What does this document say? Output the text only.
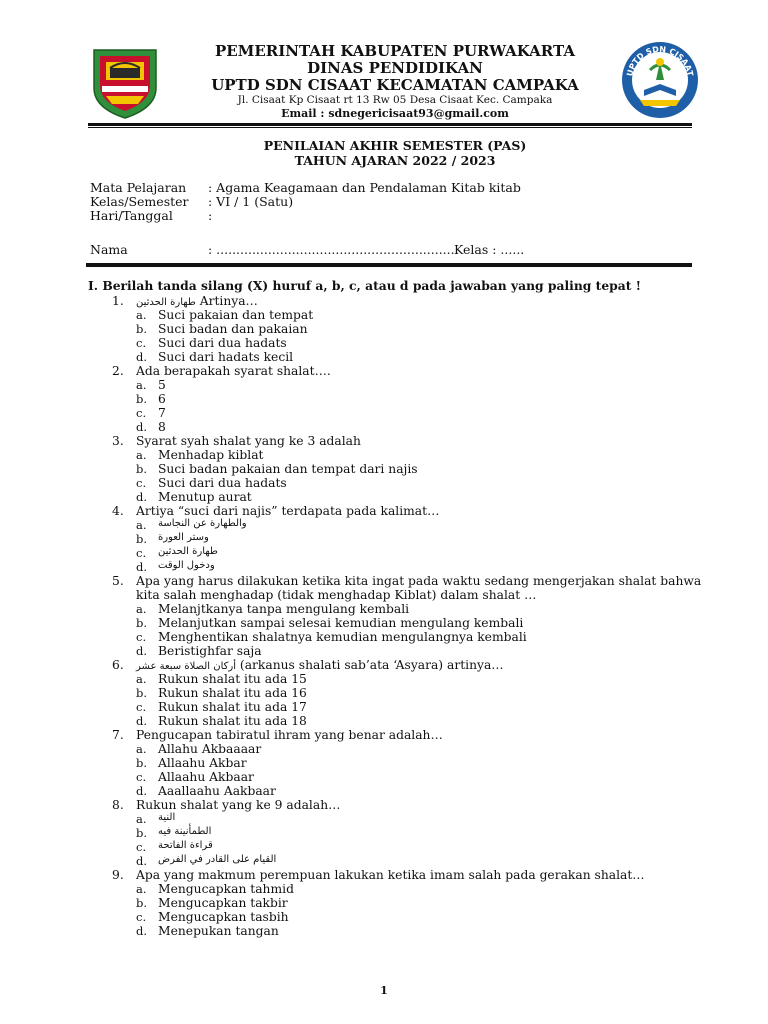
UPTD SDN CISAAT
PEMERINTAH KABUPATEN PURWAKARTA
DINAS PENDIDIKAN
UPTD SDN CISAAT KECAMATAN CAMPAKA
Jl. Cisaat Kp Cisaat rt 13 Rw 05 Desa Cisaat Kec. Campaka
Email : sdnegericisaat93@gmail.com
PENILAIAN AKHIR SEMESTER (PAS)
TAHUN AJARAN 2022 / 2023
Mata Pelajaran : Agama Keagamaan dan Pendalaman Kitab kitab
Kelas/Semester : VI / 1 (Satu)
Hari/Tanggal	:
Nama	: .............................................................
Kelas : ......
I. Berilah tanda silang (X) huruf a, b, c, atau d pada jawaban yang paling tepat !
1. طهارة الحدثين Artinya…
a. Suci pakaian dan tempat
b. Suci badan dan pakaian
c. Suci dari dua hadats
d. Suci dari hadats kecil
2. Ada berapakah syarat shalat….
a. 5
b. 6
c. 7
d. 8
3. Syarat syah shalat yang ke 3 adalah
a. Menhadap kiblat
b. Suci badan pakaian dan tempat dari najis
c. Suci dari dua hadats
d. Menutup aurat
4. Artiya “suci dari najis” terdapata pada kalimat…
a. والطهارة عن النجاسة
b. وستر العورة
c. طهارة الحدثين
d. ودخول الوقت
5. Apa yang harus dilakukan ketika kita ingat pada waktu sedang mengerjakan shalat bahwa
kita salah menghadap (tidak menghadap Kiblat) dalam shalat …
a. Melanjtkanya tanpa mengulang kembali
b. Melanjutkan sampai selesai kemudian mengulang kembali
c. Menghentikan shalatnya kemudian mengulangnya kembali
d. Beristighfar saja
6. أركان الصلاة سبعة عشر (arkanus shalati sab’ata ‘Asyara) artinya…
a. Rukun shalat itu ada 15
b. Rukun shalat itu ada 16
c. Rukun shalat itu ada 17
d. Rukun shalat itu ada 18
7. Pengucapan tabiratul ihram yang benar adalah…
a. Allahu Akbaaaar
b. Allaahu Akbar
c. Allaahu Akbaar
d. Aaallaahu Aakbaar
8. Rukun shalat yang ke 9 adalah…
a. النية
b. الطمأنينة فيه
c. قراءة الفاتحة
d. القيام على القادر في الفرض
9. Apa yang makmum perempuan lakukan ketika imam salah pada gerakan shalat…
a. Mengucapkan tahmid
b. Mengucapkan takbir
c. Mengucapkan tasbih
d. Menepukan tangan
1
